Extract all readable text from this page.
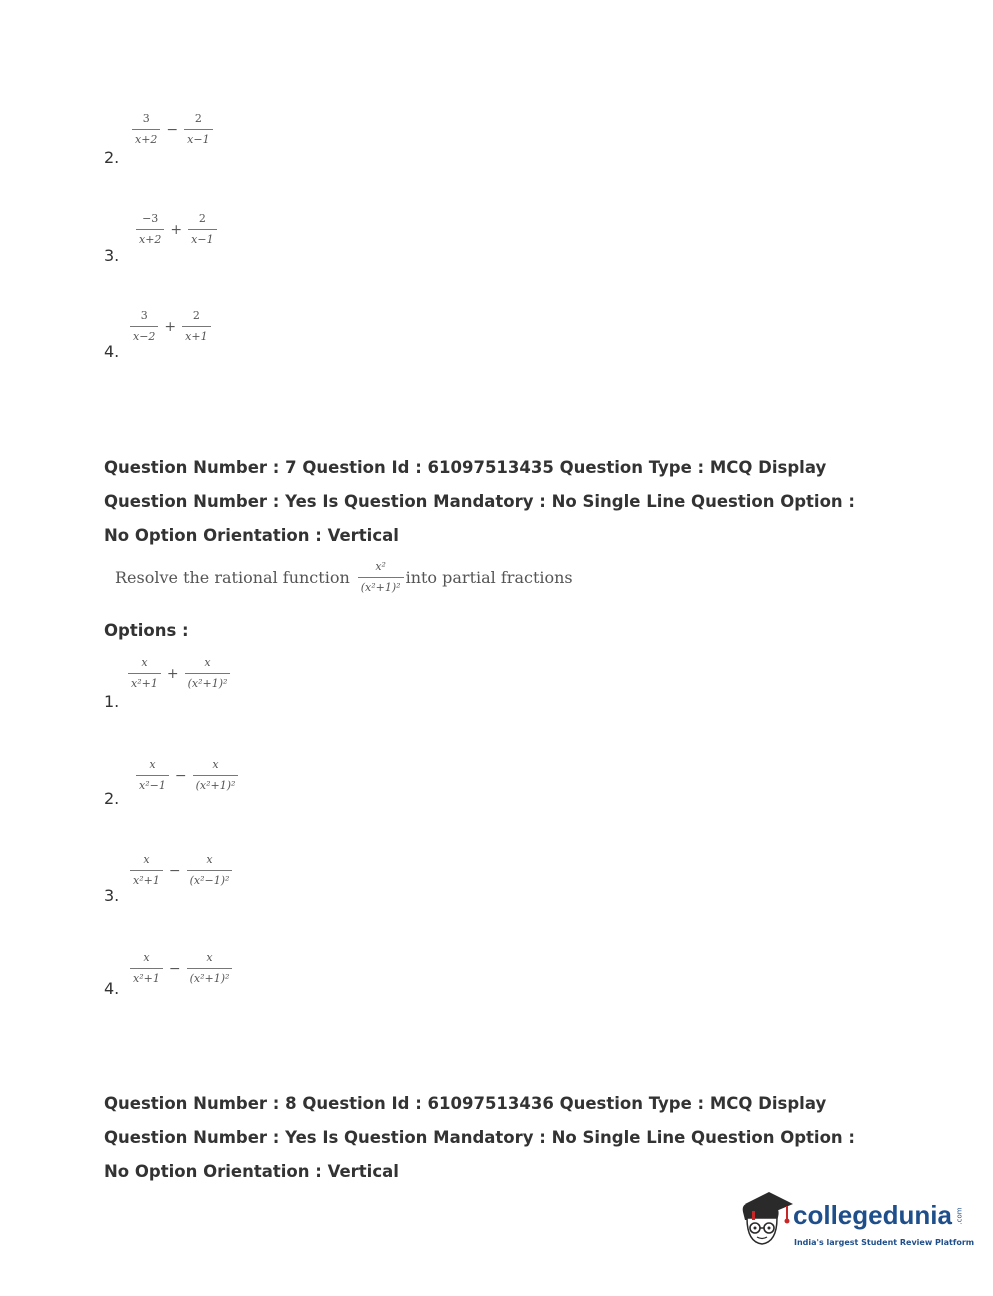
2.
$\frac{3}{x+2} - \frac{2}{x-1}$
3.
$\frac{-3}{x+2} + \frac{2}{x-1}$
4.
$\frac{3}{x-2} + \frac{2}{x+1}$
Question Number : 7 Question Id : 61097513435 Question Type : MCQ Display Question Number : Yes Is Question Mandatory : No Single Line Question Option : No Option Orientation : Vertical
Resolve the rational function $\frac{\text{x²}}{\text{(x²+1)²}}$ into partial fractions
Options :
1.
$\frac{x}{\text{x²+1}} + \frac{x}{\text{(x²+1)²}}$
2.
$\frac{x}{\text{x²−1}} - \frac{x}{\text{(x²+1)²}}$
3.
$\frac{x}{\text{x²+1}} - \frac{x}{\text{(x²−1)²}}$
4.
$\frac{x}{\text{x²+1}} - \frac{x}{\text{(x²+1)²}}$
Question Number : 8 Question Id : 61097513436 Question Type : MCQ Display Question Number : Yes Is Question Mandatory : No Single Line Question Option : No Option Orientation : Vertical
collegedunia .com
India's largest Student Review Platform
